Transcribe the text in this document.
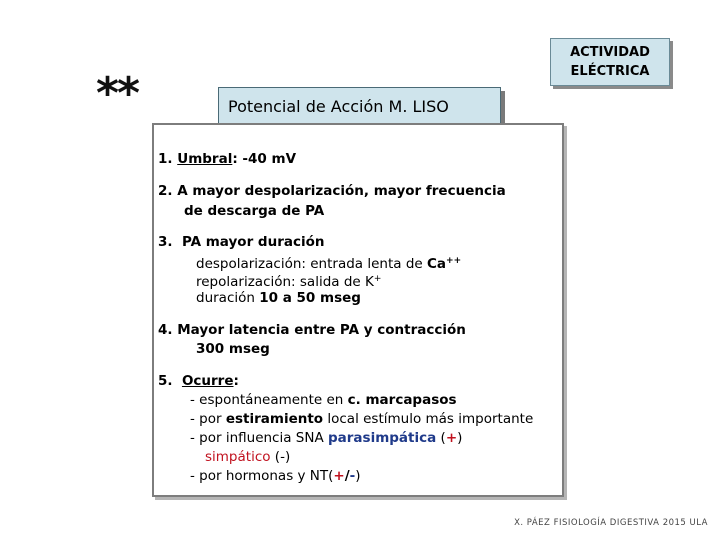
**
ACTIVIDAD
ELÉCTRICA
Potencial de Acción M. LISO
1. Umbral: -40 mV
2. A mayor despolarización, mayor frecuencia
de descarga de PA
3. PA mayor duración
despolarización: entrada lenta de Ca++
repolarización: salida de K+
duración 10 a 50 mseg
4. Mayor latencia entre PA y contracción
300 mseg
5. Ocurre:
- espontáneamente en c. marcapasos
- por estiramiento local estímulo más importante
- por influencia SNA parasimpática (+)
simpático (-)
- por hormonas y NT(+/-)
X. PÁEZ FISIOLOGÍA DIGESTIVA 2015 ULA
